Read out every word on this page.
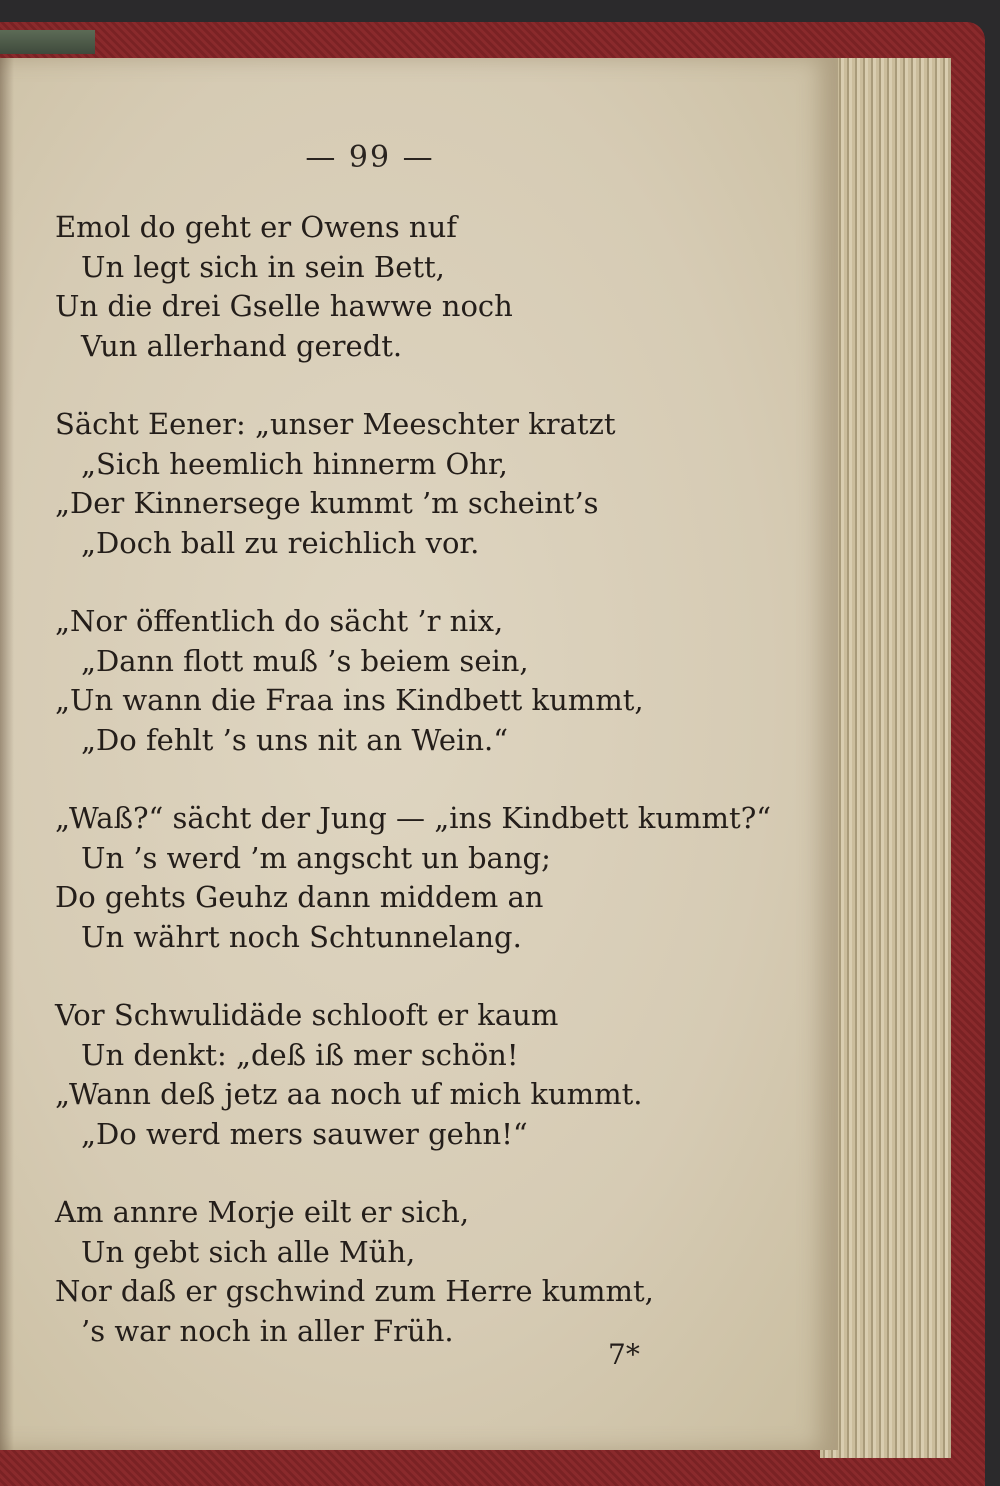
— 99 —
Emol do geht er Owens nuf
Un legt sich in sein Bett,
Un die drei Gselle hawwe noch
Vun allerhand geredt.
Sächt Eener: „unser Meeschter kratzt
„Sich heemlich hinnerm Ohr,
„Der Kinnersege kummt ’m scheint’s
„Doch ball zu reichlich vor.
„Nor öffentlich do sächt ’r nix,
„Dann flott muß ’s beiem sein,
„Un wann die Fraa ins Kindbett kummt,
„Do fehlt ’s uns nit an Wein.“
„Waß?“ sächt der Jung — „ins Kindbett kummt?“
Un ’s werd ’m angscht un bang;
Do gehts Geuhz dann middem an
Un währt noch Schtunnelang.
Vor Schwulidäde schlooft er kaum
Un denkt: „deß iß mer schön!
„Wann deß jetz aa noch uf mich kummt.
„Do werd mers sauwer gehn!“
Am annre Morje eilt er sich,
Un gebt sich alle Müh,
Nor daß er gschwind zum Herre kummt,
’s war noch in aller Früh.
7*
